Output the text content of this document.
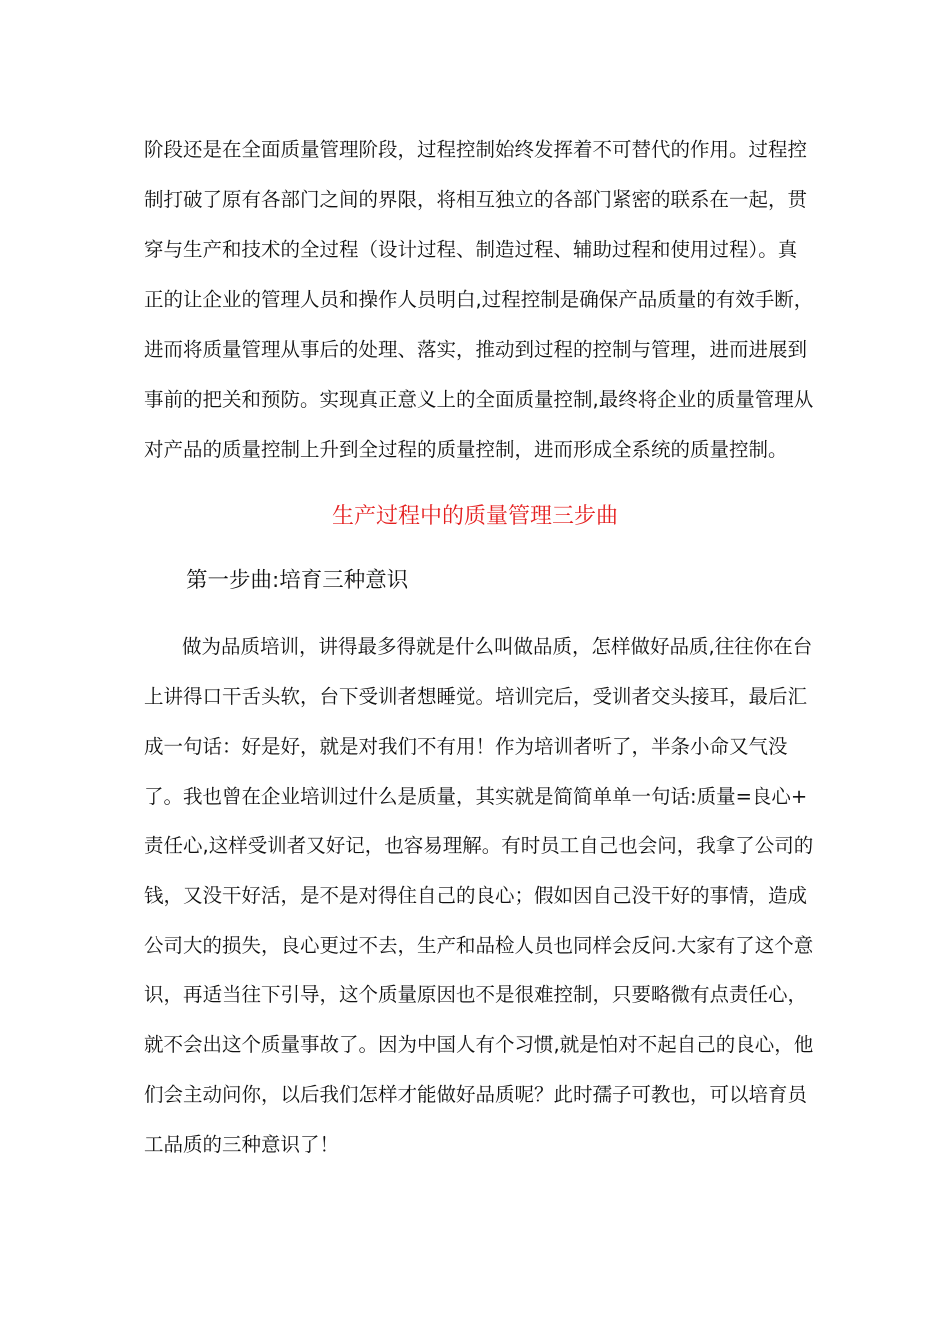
阶段还是在全面质量管理阶段，过程控制始终发挥着不可替代的作用。过程控
制打破了原有各部门之间的界限，将相互独立的各部门紧密的联系在一起，贯
穿与生产和技术的全过程（设计过程、制造过程、辅助过程和使用过程）。真
正的让企业的管理人员和操作人员明白,过程控制是确保产品质量的有效手断，
进而将质量管理从事后的处理、落实，推动到过程的控制与管理，进而进展到
事前的把关和预防。实现真正意义上的全面质量控制,最终将企业的质量管理从
对产品的质量控制上升到全过程的质量控制，进而形成全系统的质量控制。
生产过程中的质量管理三步曲
第一步曲:培育三种意识
做为品质培训，讲得最多得就是什么叫做品质，怎样做好品质,往往你在台
上讲得口干舌头软，台下受训者想睡觉。培训完后，受训者交头接耳，最后汇
成一句话：好是好，就是对我们不有用！作为培训者听了，半条小命又气没
了。我也曾在企业培训过什么是质量，其实就是简简单单一句话:质量=良心+
责任心,这样受训者又好记，也容易理解。有时员工自己也会问，我拿了公司的
钱，又没干好活，是不是对得住自己的良心；假如因自己没干好的事情，造成
公司大的损失，良心更过不去，生产和品检人员也同样会反问.大家有了这个意
识，再适当往下引导，这个质量原因也不是很难控制，只要略微有点责任心，
就不会出这个质量事故了。因为中国人有个习惯,就是怕对不起自己的良心，他
们会主动问你，以后我们怎样才能做好品质呢？此时孺子可教也，可以培育员
工品质的三种意识了！
